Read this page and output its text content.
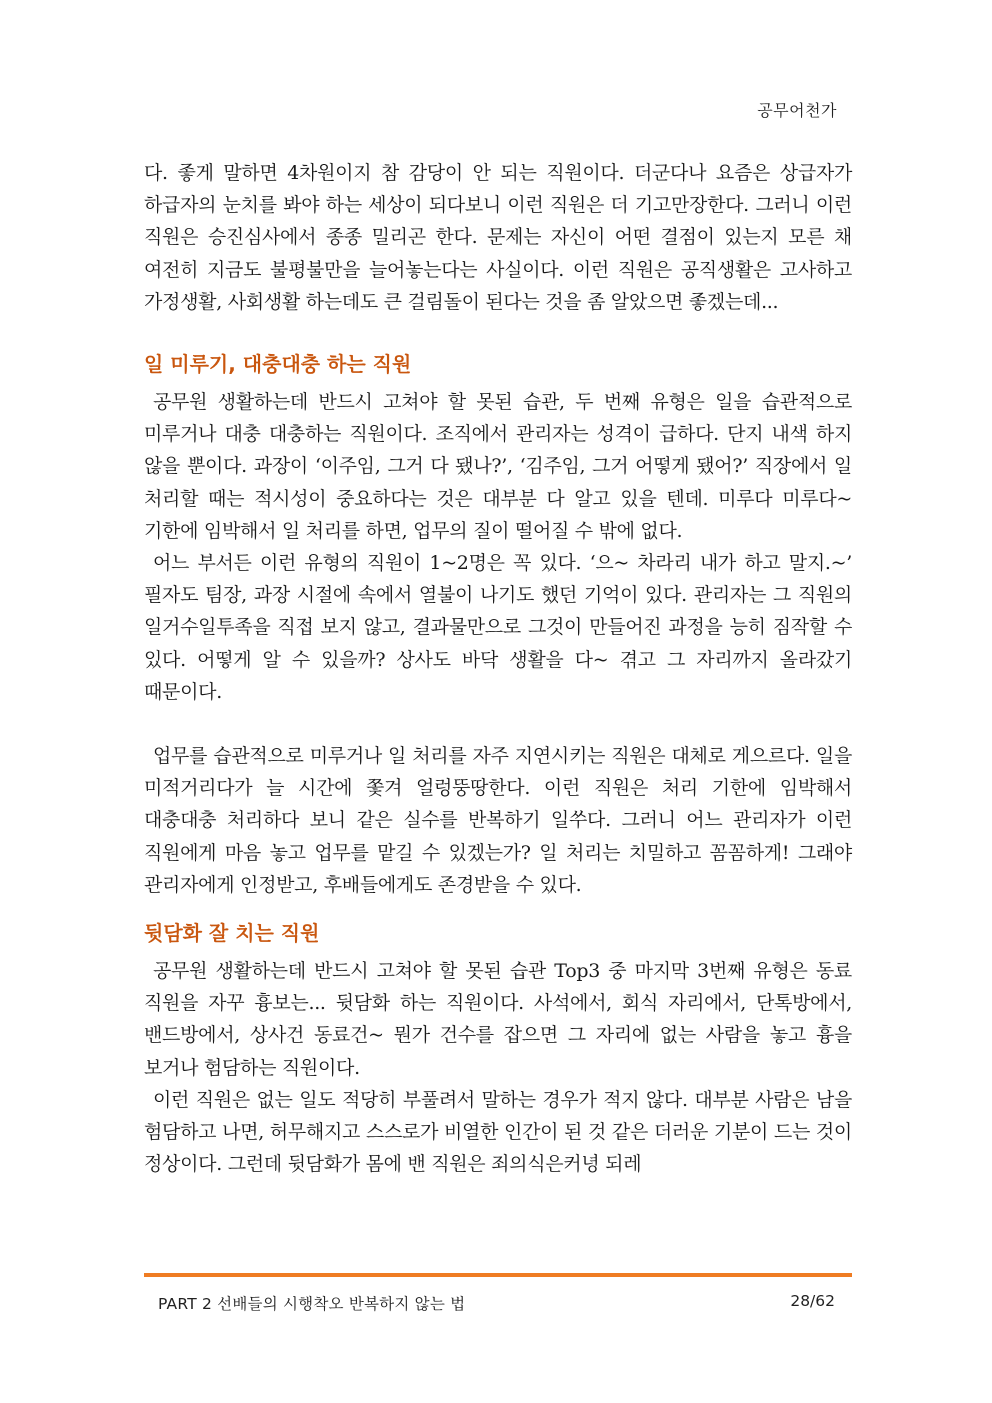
공무어천가

다. 좋게 말하면 4차원이지 참 감당이 안 되는 직원이다. 더군다나 요즘은 상급자가 하급자의 눈치를 봐야 하는 세상이 되다보니 이런 직원은 더 기고만장한다. 그러니 이런 직원은 승진심사에서 종종 밀리곤 한다. 문제는 자신이 어떤 결점이 있는지 모른 채 여전히 지금도 불평불만을 늘어놓는다는 사실이다. 이런 직원은 공직생활은 고사하고 가정생활, 사회생활 하는데도 큰 걸림돌이 된다는 것을 좀 알았으면 좋겠는데...

일 미루기, 대충대충 하는 직원

공무원 생활하는데 반드시 고쳐야 할 못된 습관, 두 번째 유형은 일을 습관적으로 미루거나 대충 대충하는 직원이다. 조직에서 관리자는 성격이 급하다. 단지 내색 하지 않을 뿐이다. 과장이 ‘이주임, 그거 다 됐나?’, ‘김주임, 그거 어떻게 됐어?’ 직장에서 일 처리할 때는 적시성이 중요하다는 것은 대부분 다 알고 있을 텐데. 미루다 미루다~ 기한에 임박해서 일 처리를 하면, 업무의 질이 떨어질 수 밖에 없다.

어느 부서든 이런 유형의 직원이 1~2명은 꼭 있다. ‘으~ 차라리 내가 하고 말지.~’ 필자도 팀장, 과장 시절에 속에서 열불이 나기도 했던 기억이 있다. 관리자는 그 직원의 일거수일투족을 직접 보지 않고, 결과물만으로 그것이 만들어진 과정을 능히 짐작할 수 있다. 어떻게 알 수 있을까? 상사도 바닥 생활을 다~ 겪고 그 자리까지 올라갔기 때문이다.

업무를 습관적으로 미루거나 일 처리를 자주 지연시키는 직원은 대체로 게으르다. 일을 미적거리다가 늘 시간에 쫓겨 얼렁뚱땅한다. 이런 직원은 처리 기한에 임박해서 대충대충 처리하다 보니 같은 실수를 반복하기 일쑤다. 그러니 어느 관리자가 이런 직원에게 마음 놓고 업무를 맡길 수 있겠는가? 일 처리는 치밀하고 꼼꼼하게! 그래야 관리자에게 인정받고, 후배들에게도 존경받을 수 있다.

뒷담화 잘 치는 직원

공무원 생활하는데 반드시 고쳐야 할 못된 습관 Top3 중 마지막 3번째 유형은 동료 직원을 자꾸 흉보는... 뒷담화 하는 직원이다. 사석에서, 회식 자리에서, 단톡방에서, 밴드방에서, 상사건 동료건~ 뭔가 건수를 잡으면 그 자리에 없는 사람을 놓고 흉을 보거나 험담하는 직원이다.

이런 직원은 없는 일도 적당히 부풀려서 말하는 경우가 적지 않다. 대부분 사람은 남을 험담하고 나면, 허무해지고 스스로가 비열한 인간이 된 것 같은 더러운 기분이 드는 것이 정상이다. 그런데 뒷담화가 몸에 밴 직원은 죄의식은커녕 되레

PART 2 선배들의 시행착오 반복하지 않는 법	28/62
